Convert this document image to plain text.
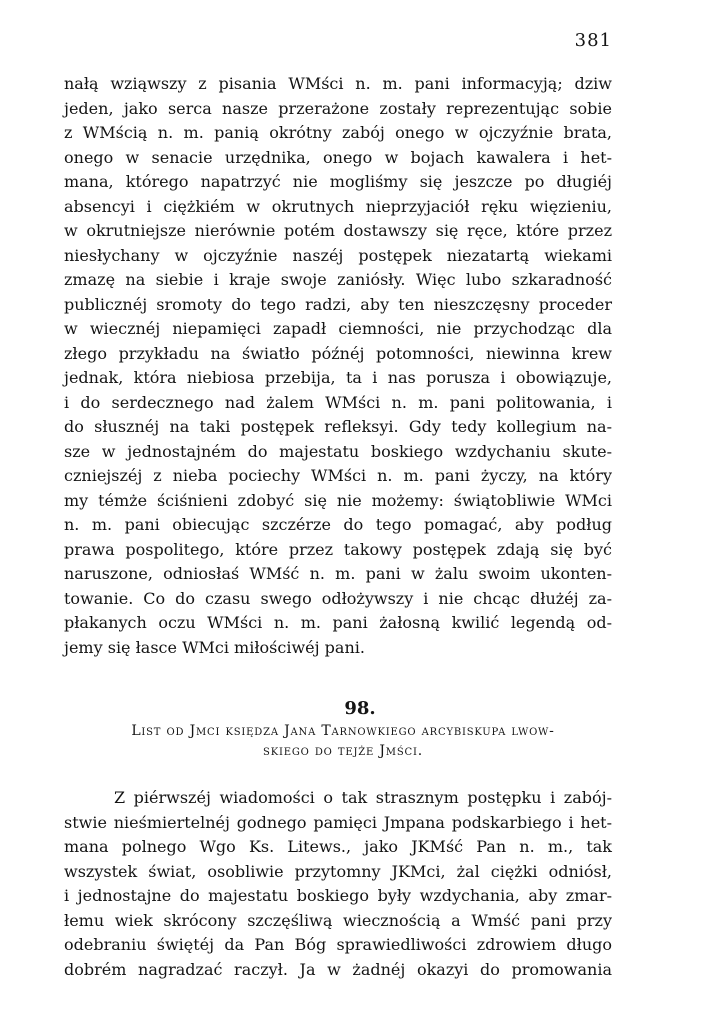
381
nałą wziąwszy z pisania WMści n. m. pani informacyją; dziw
jeden, jako serca nasze przerażone zostały reprezentując sobie
z WMścią n. m. panią okrótny zabój onego w ojczyźnie brata,
onego w senacie urzędnika, onego w bojach kawalera i het-
mana, którego napatrzyć nie mogliśmy się jeszcze po długiéj
absencyi i ciężkiém w okrutnych nieprzyjaciół ręku więzieniu,
w okrutniejsze nierównie potém dostawszy się ręce, które przez
niesłychany w ojczyźnie naszéj postępek niezatartą wiekami
zmazę na siebie i kraje swoje zaniósły. Więc lubo szkaradność
publicznéj sromoty do tego radzi, aby ten nieszczęsny proceder
w wiecznéj niepamięci zapadł ciemności, nie przychodząc dla
złego przykładu na światło późnéj potomności, niewinna krew
jednak, która niebiosa przebija, ta i nas porusza i obowiązuje,
i do serdecznego nad żalem WMści n. m. pani politowania, i
do słusznéj na taki postępek refleksyi. Gdy tedy kollegium na-
sze w jednostajném do majestatu boskiego wzdychaniu skute-
czniejszéj z nieba pociechy WMści n. m. pani życzy, na który
my témże ściśnieni zdobyć się nie możemy: świątobliwie WMci
n. m. pani obiecując szczérze do tego pomagać, aby podług
prawa pospolitego, które przez takowy postępek zdają się być
naruszone, odniosłaś WMść n. m. pani w żalu swoim ukonten-
towanie. Co do czasu swego odłożywszy i nie chcąc dłużéj za-
płakanych oczu WMści n. m. pani żałosną kwilić legendą od-
jemy się łasce WMci miłościwéj pani.
98.
List od Jmci księdza Jana Tarnowkiego arcybiskupa lwow-
skiego do tejże Jmści.
Z piérwszéj wiadomości o tak strasznym postępku i zabój-
stwie nieśmiertelnéj godnego pamięci Jmpana podskarbiego i het-
mana polnego Wgo Ks. Litews., jako JKMść Pan n. m., tak
wszystek świat, osobliwie przytomny JKMci, żal ciężki odniósł,
i jednostajne do majestatu boskiego były wzdychania, aby zmar-
łemu wiek skrócony szczęśliwą wiecznością a Wmść pani przy
odebraniu świętéj da Pan Bóg sprawiedliwości zdrowiem długo
dobrém nagradzać raczył. Ja w żadnéj okazyi do promowania
